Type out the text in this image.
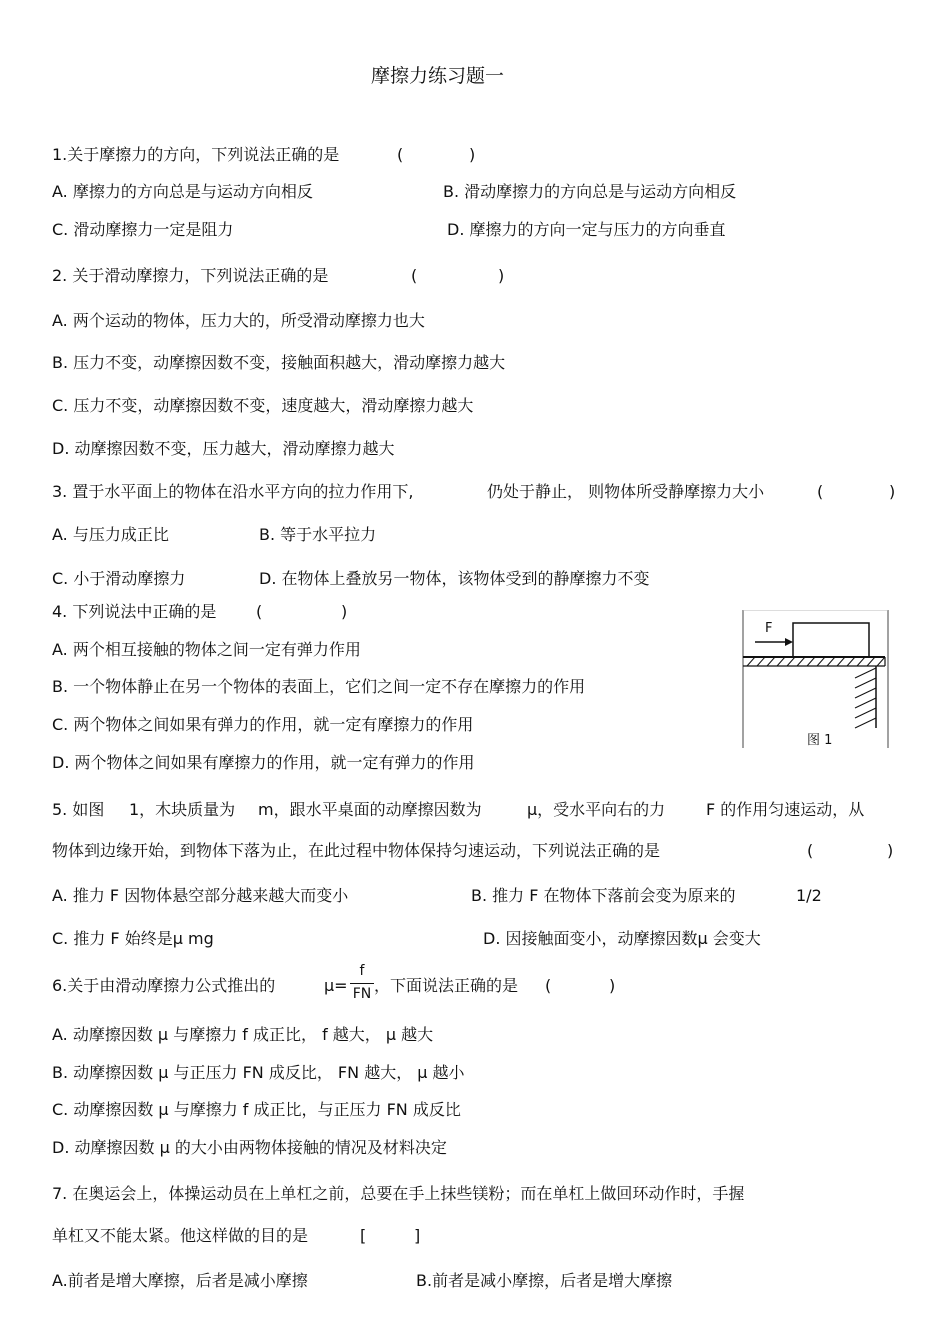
摩擦力练习题一
1.关于摩擦力的方向，下列说法正确的是	(	)
A. 摩擦力的方向总是与运动方向相反	B. 滑动摩擦力的方向总是与运动方向相反
C. 滑动摩擦力一定是阻力	D. 摩擦力的方向一定与压力的方向垂直
2. 关于滑动摩擦力，下列说法正确的是	(	)
A. 两个运动的物体，压力大的，所受滑动摩擦力也大
B. 压力不变，动摩擦因数不变，接触面积越大，滑动摩擦力越大
C. 压力不变，动摩擦因数不变，速度越大，滑动摩擦力越大
D. 动摩擦因数不变，压力越大，滑动摩擦力越大
3. 置于水平面上的物体在沿水平方向的拉力作用下,	仍处于静止， 则物体所受静摩擦力大小	(	)
A. 与压力成正比	B. 等于水平拉力
C. 小于滑动摩擦力	D. 在物体上叠放另一物体，该物体受到的静摩擦力不变
4. 下列说法中正确的是 (	)
A. 两个相互接触的物体之间一定有弹力作用
B. 一个物体静止在另一个物体的表面上，它们之间一定不存在摩擦力的作用
C. 两个物体之间如果有弹力的作用，就一定有摩擦力的作用
D. 两个物体之间如果有摩擦力的作用，就一定有弹力的作用
F
图 1
5. 如图 1，木块质量为 m，跟水平桌面的动摩擦因数为	μ，受水平向右的力	F 的作用匀速运动，从
物体到边缘开始，到物体下落为止，在此过程中物体保持匀速运动，下列说法正确的是	(	)
A. 推力 F 因物体悬空部分越来越大而变小	B. 推力 F 在物体下落前会变为原来的	1/2
C. 推力 F 始终是μ mg	D. 因接触面变小，动摩擦因数μ 会变大
6.关于由滑动摩擦力公式推出的	μ=
f
FN ，下面说法正确的是 (	)
A. 动摩擦因数 μ 与摩擦力 f 成正比， f 越大， μ 越大
B. 动摩擦因数 μ 与正压力 FN 成反比， FN 越大， μ 越小
C. 动摩擦因数 μ 与摩擦力 f 成正比，与正压力 FN 成反比
D. 动摩擦因数 μ 的大小由两物体接触的情况及材料决定
7. 在奥运会上，体操运动员在上单杠之前，总要在手上抹些镁粉；而在单杠上做回环动作时，手握
单杠又不能太紧。他这样做的目的是	[	]
A.前者是增大摩擦，后者是减小摩擦	B.前者是减小摩擦，后者是增大摩擦
